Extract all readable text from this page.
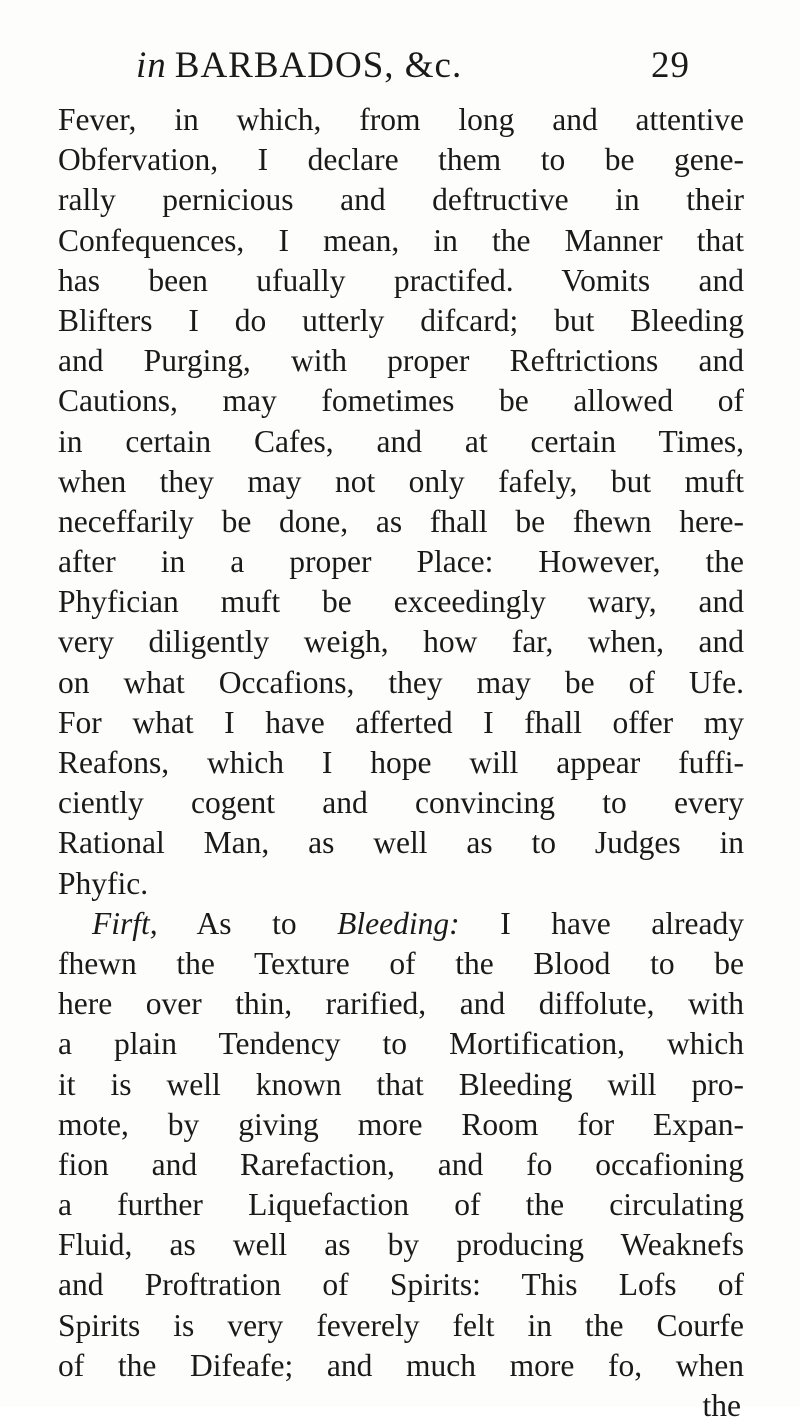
in BARBADOS, &c.	29
Fever, in which, from long and attentive
Obfervation, I declare them to be gene-
rally pernicious and deftructive in their
Confequences, I mean, in the Manner that
has been ufually practifed. Vomits and
Blifters I do utterly difcard; but Bleeding
and Purging, with proper Reftrictions and
Cautions, may fometimes be allowed of
in certain Cafes, and at certain Times,
when they may not only fafely, but muft
neceffarily be done, as fhall be fhewn here-
after in a proper Place: However, the
Phyfician muft be exceedingly wary, and
very diligently weigh, how far, when, and
on what Occafions, they may be of Ufe.
For what I have afferted I fhall offer my
Reafons, which I hope will appear fuffi-
ciently cogent and convincing to every
Rational Man, as well as to Judges in
Phyfic.
Firft, As to Bleeding: I have already
fhewn the Texture of the Blood to be
here over thin, rarified, and diffolute, with
a plain Tendency to Mortification, which
it is well known that Bleeding will pro-
mote, by giving more Room for Expan-
fion and Rarefaction, and fo occafioning
a further Liquefaction of the circulating
Fluid, as well as by producing Weaknefs
and Proftration of Spirits: This Lofs of
Spirits is very feverely felt in the Courfe
of the Difeafe; and much more fo, when
the
